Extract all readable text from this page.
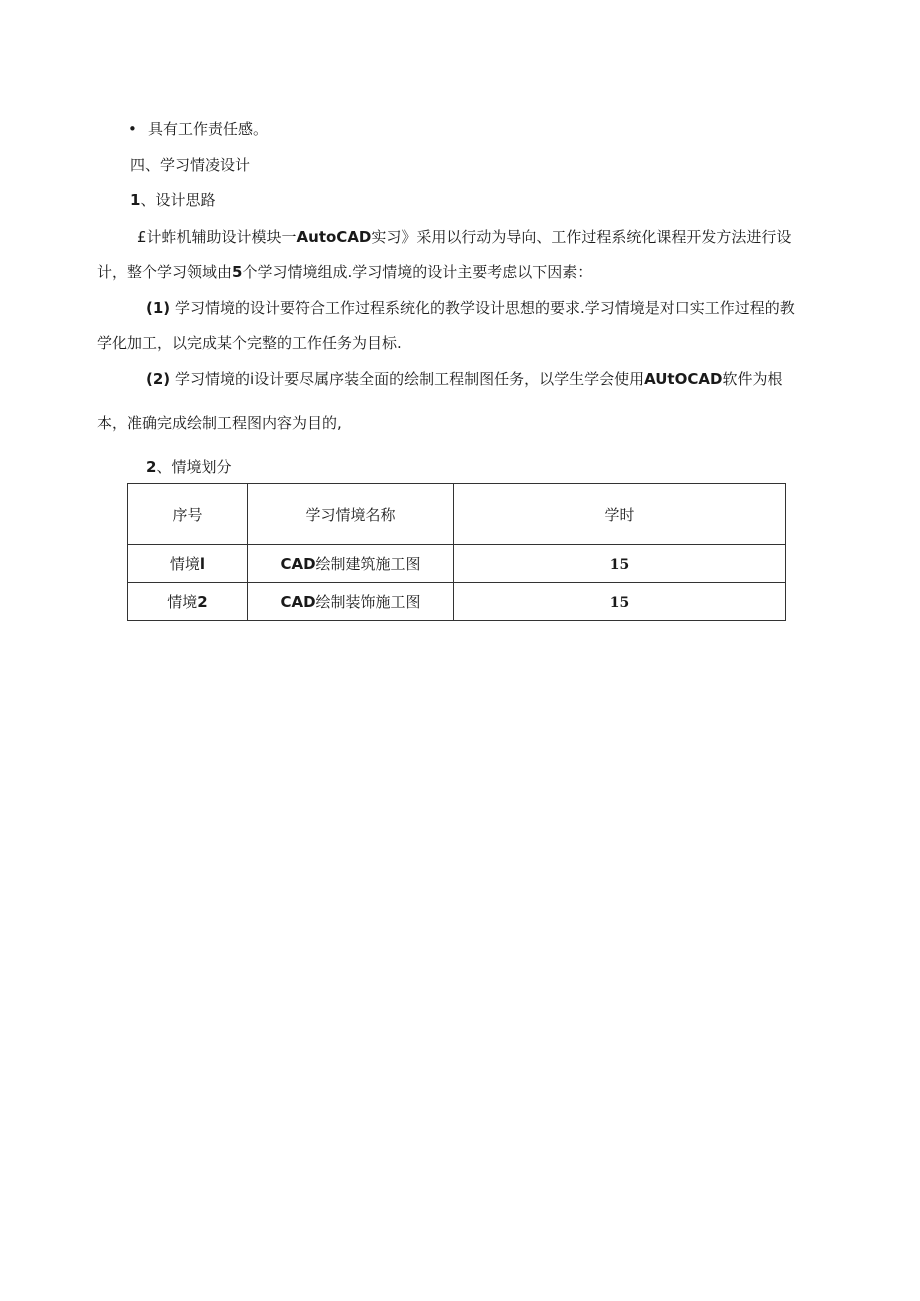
• 具有工作责任感。
四、学习情凌设计
1、设计思路
£计蚱机辅助设计模块一AutoCAD实习》采用以行动为导向、工作过程系统化课程开发方法进行设
计，整个学习领域由5个学习情境组成.学习情境的设计主要考虑以下因素：
(1) 学习情境的设计要符合工作过程系统化的教学设计思想的要求.学习情境是对口实工作过程的教
学化加工，以完成某个完整的工作任务为目标.
(2) 学习情境的i设计要尽属序装全面的绘制工程制图任务，以学生学会使用AUtOCAD软件为根
本，准确完成绘制工程图内容为目的,
2、情境划分
序号	学习情境名称	学时
情境l	CAD绘制建筑施工图	15
情境2	CAD绘制装饰施工图	15
